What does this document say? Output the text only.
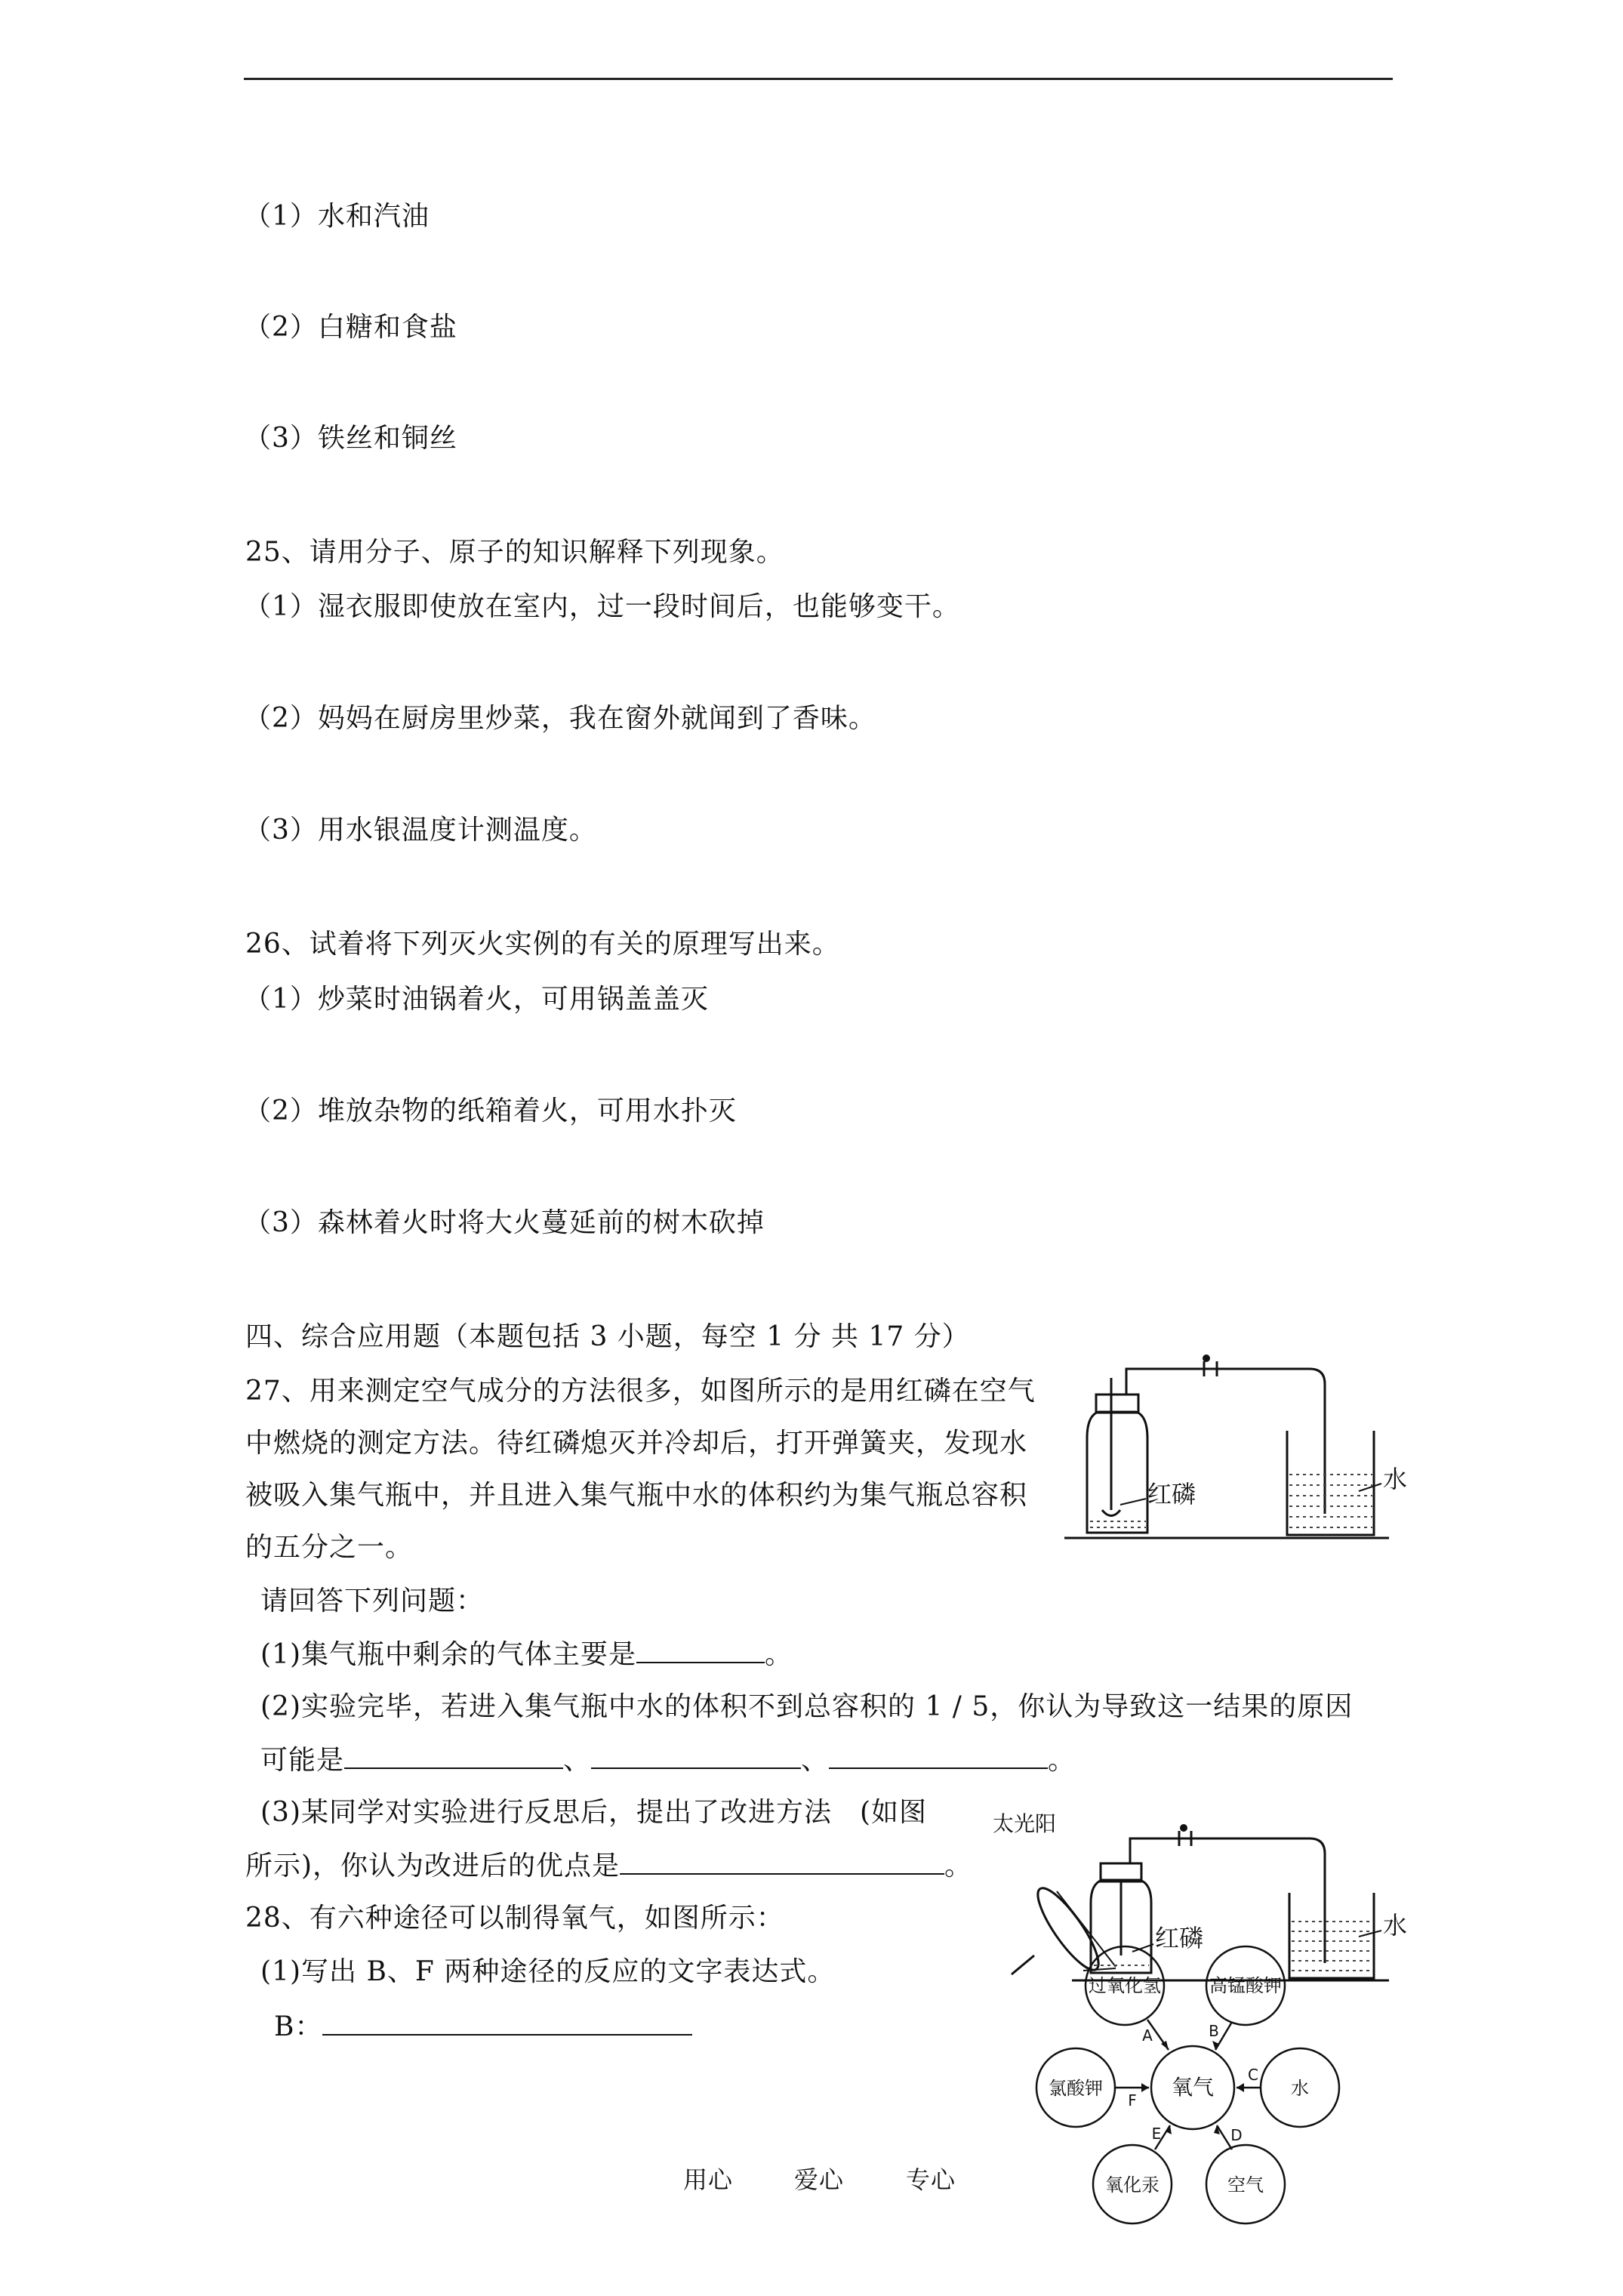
（1）水和汽油
（2）白糖和食盐
（3）铁丝和铜丝
25、请用分子、原子的知识解释下列现象。
（1）湿衣服即使放在室内，过一段时间后，也能够变干。
（2）妈妈在厨房里炒菜，我在窗外就闻到了香味。
（3）用水银温度计测温度。
26、试着将下列灭火实例的有关的原理写出来。
（1）炒菜时油锅着火，可用锅盖盖灭
（2）堆放杂物的纸箱着火，可用水扑灭
（3）森林着火时将大火蔓延前的树木砍掉
四、综合应用题（本题包括 3 小题，每空 1 分 共 17 分）
27、用来测定空气成分的方法很多，如图所示的是用红磷在空气
中燃烧的测定方法。待红磷熄灭并冷却后，打开弹簧夹，发现水
被吸入集气瓶中，并且进入集气瓶中水的体积约为集气瓶总容积
的五分之一。
请回答下列问题：
(1)集气瓶中剩余的气体主要是	。
(2)实验完毕，若进入集气瓶中水的体积不到总容积的 1 / 5，你认为导致这一结果的原因
可能是	、	、	。
(3)某同学对实验进行反思后，提出了改进方法　(如图
所示)，你认为改进后的优点是	。
28、有六种途径可以制得氧气，如图所示：
(1)写出 B、F 两种途径的反应的文字表达式。
B：
红磷
水
太光阳
红磷	水
氧气
过氧化氢	高锰酸钾
水
空气
氧化汞
氯酸钾
A	B
C
D
E
F
用心	爱心	专心
